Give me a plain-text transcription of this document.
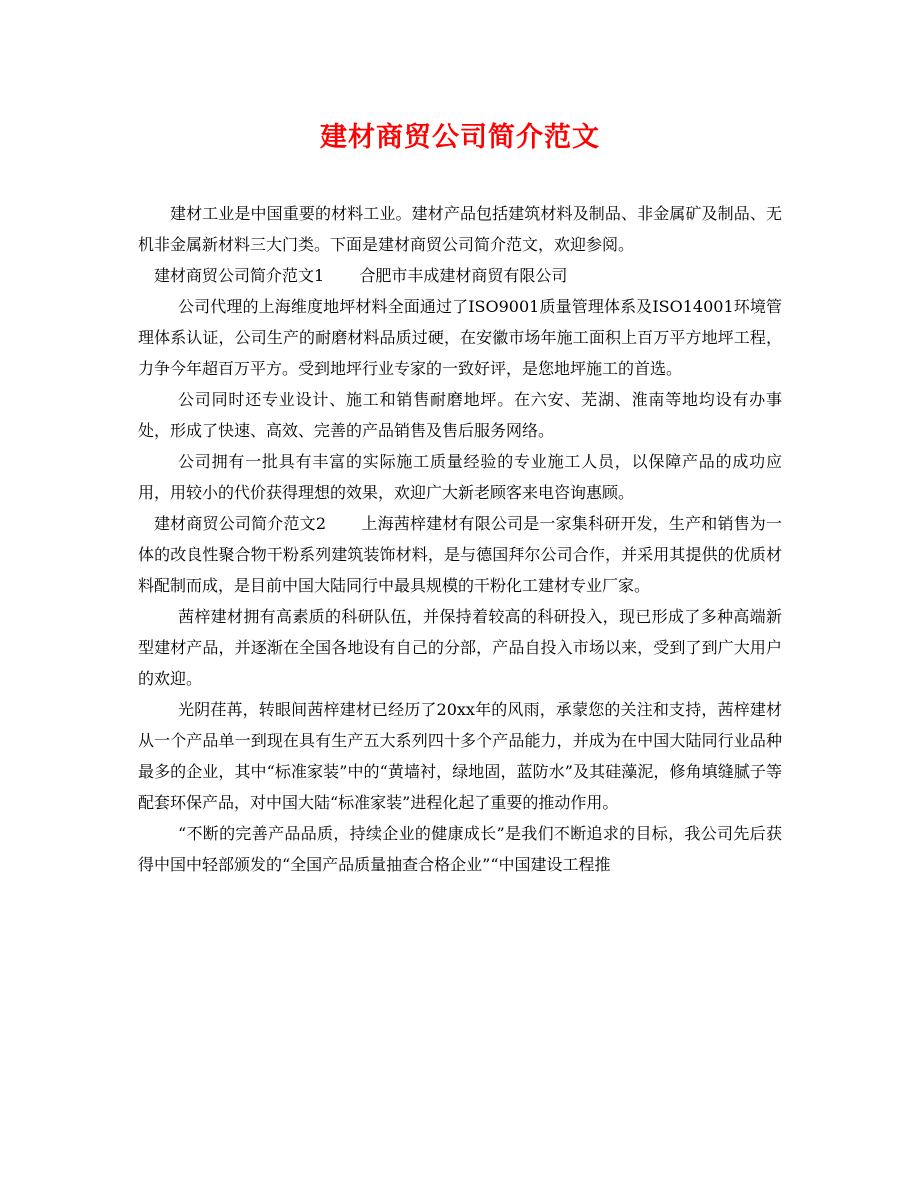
建材商贸公司简介范文

建材工业是中国重要的材料工业。建材产品包括建筑材料及制品、非金属矿及制品、无机非金属新材料三大门类。下面是建材商贸公司简介范文，欢迎参阅。

建材商贸公司简介范文1 合肥市丰成建材商贸有限公司

公司代理的上海维度地坪材料全面通过了ISO9001质量管理体系及ISO14001环境管理体系认证，公司生产的耐磨材料品质过硬，在安徽市场年施工面积上百万平方地坪工程，力争今年超百万平方。受到地坪行业专家的一致好评，是您地坪施工的首选。

公司同时还专业设计、施工和销售耐磨地坪。在六安、芜湖、淮南等地均设有办事处，形成了快速、高效、完善的产品销售及售后服务网络。

公司拥有一批具有丰富的实际施工质量经验的专业施工人员，以保障产品的成功应用，用较小的代价获得理想的效果，欢迎广大新老顾客来电咨询惠顾。

建材商贸公司简介范文2 上海茜梓建材有限公司是一家集科研开发，生产和销售为一体的改良性聚合物干粉系列建筑装饰材料，是与德国拜尔公司合作，并采用其提供的优质材料配制而成，是目前中国大陆同行中最具规模的干粉化工建材专业厂家。

茜梓建材拥有高素质的科研队伍，并保持着较高的科研投入，现已形成了多种高端新型建材产品，并逐渐在全国各地设有自己的分部，产品自投入市场以来，受到了到广大用户的欢迎。

光阴荏苒，转眼间茜梓建材已经历了20xx年的风雨，承蒙您的关注和支持，茜梓建材从一个产品单一到现在具有生产五大系列四十多个产品能力，并成为在中国大陆同行业品种最多的企业，其中“标准家装”中的“黄墙衬，绿地固，蓝防水”及其硅藻泥，修角填缝腻子等配套环保产品，对中国大陆“标准家装”进程化起了重要的推动作用。

“不断的完善产品品质，持续企业的健康成长”是我们不断追求的目标，我公司先后获得中国中轻部颁发的“全国产品质量抽查合格企业”“中国建设工程推
